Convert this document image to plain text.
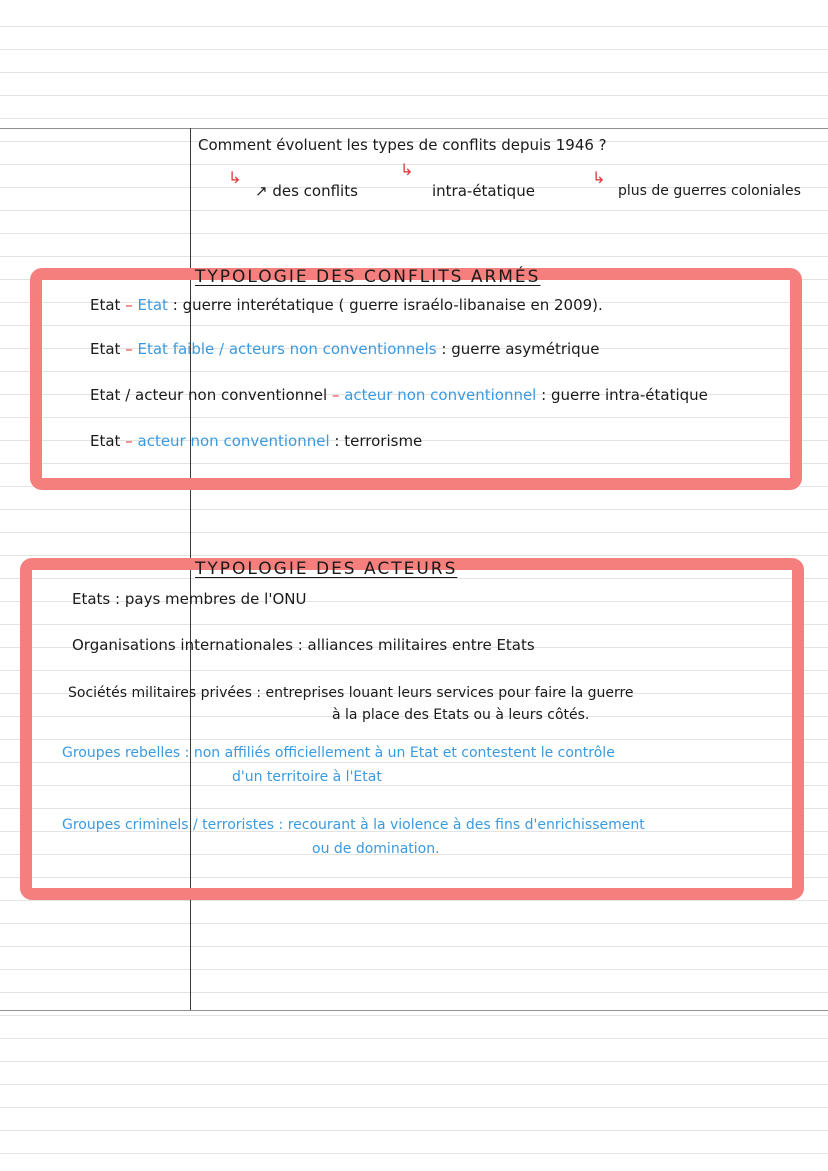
Comment évoluent les types de conflits depuis 1946 ?
↳
↗ des conflits
↳
intra-étatique
↳
plus de guerres coloniales
TYPOLOGIE DES CONFLITS ARMÉS
Etat – Etat : guerre interétatique ( guerre israélo-libanaise en 2009).
Etat – Etat faible / acteurs non conventionnels : guerre asymétrique
Etat / acteur non conventionnel – acteur non conventionnel : guerre intra-étatique
Etat – acteur non conventionnel : terrorisme
TYPOLOGIE DES ACTEURS
Etats : pays membres de l'ONU
Organisations internationales : alliances militaires entre Etats
Sociétés militaires privées : entreprises louant leurs services pour faire la guerre
à la place des Etats ou à leurs côtés.
Groupes rebelles : non affiliés officiellement à un Etat et contestent le contrôle
d'un territoire à l'Etat
Groupes criminels / terroristes : recourant à la violence à des fins d'enrichissement
ou de domination.
